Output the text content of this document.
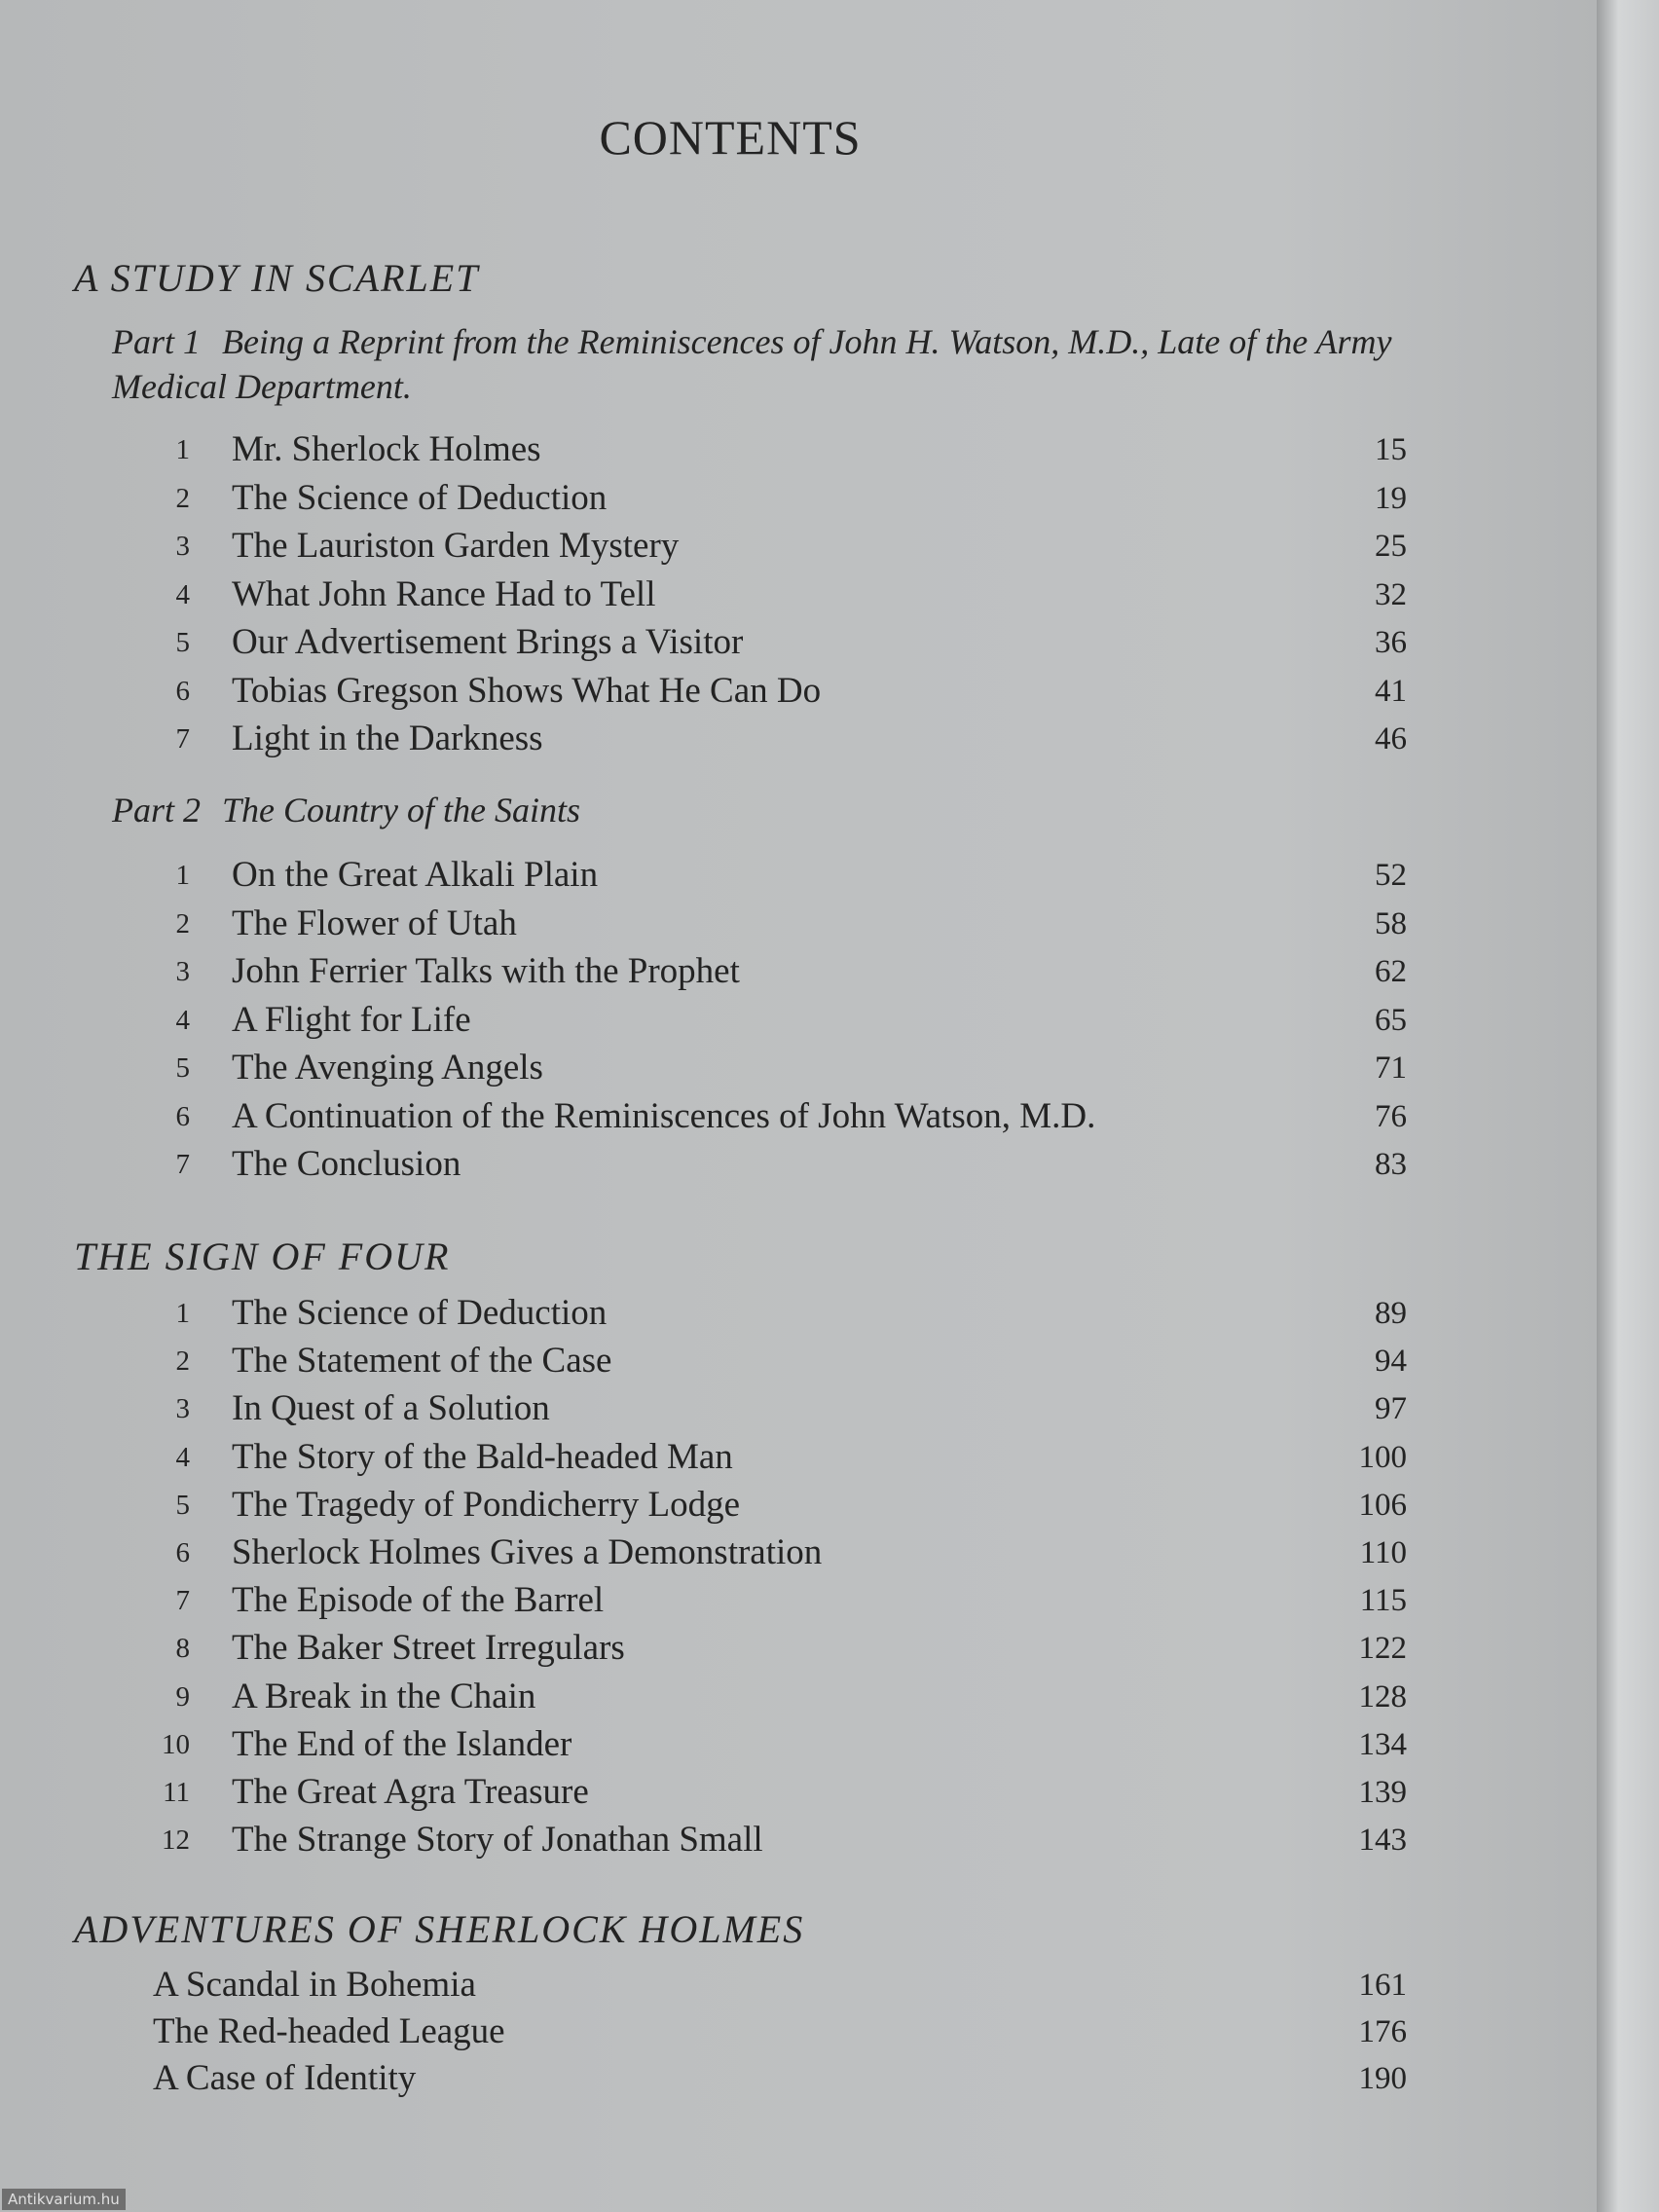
CONTENTS
A STUDY IN SCARLET

Part 1 Being a Reprint from the Reminiscences of John H. Watson, M.D., Late of the Army Medical Department.

1 Mr. Sherlock Holmes	15
2 The Science of Deduction	19
3 The Lauriston Garden Mystery	25
4 What John Rance Had to Tell	32
5 Our Advertisement Brings a Visitor	36
6 Tobias Gregson Shows What He Can Do	41
7 Light in the Darkness	46

Part 2 The Country of the Saints

1 On the Great Alkali Plain	52
2 The Flower of Utah	58
3 John Ferrier Talks with the Prophet	62
4 A Flight for Life	65
5 The Avenging Angels	71
6 A Continuation of the Reminiscences of John Watson, M.D.	76
7 The Conclusion	83
THE SIGN OF FOUR
1 The Science of Deduction	89
2 The Statement of the Case	94
3 In Quest of a Solution	97
4 The Story of the Bald-headed Man	100
5 The Tragedy of Pondicherry Lodge	106
6 Sherlock Holmes Gives a Demonstration	110
7 The Episode of the Barrel	115
8 The Baker Street Irregulars	122
9 A Break in the Chain	128
10 The End of the Islander	134
11 The Great Agra Treasure	139
12 The Strange Story of Jonathan Small	143
ADVENTURES OF SHERLOCK HOLMES
A Scandal in Bohemia	161
The Red-headed League	176
A Case of Identity	190
Antikvarium.hu
